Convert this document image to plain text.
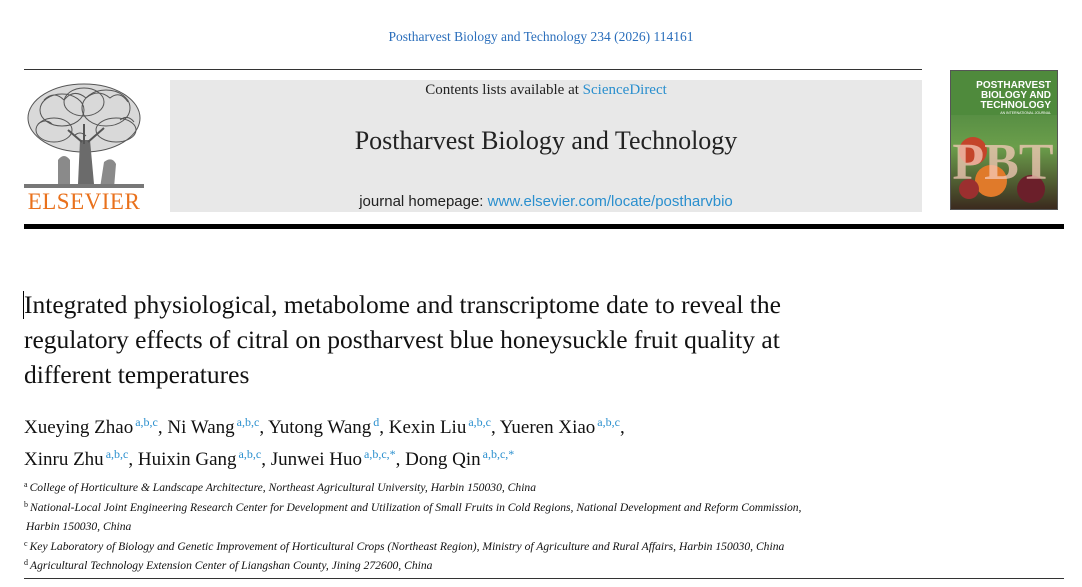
Postharvest Biology and Technology 234 (2026) 114161
ELSEVIER
Contents lists available at ScienceDirect
Postharvest Biology and Technology
journal homepage: www.elsevier.com/locate/postharvbio
POSTHARVEST
BIOLOGY AND
TECHNOLOGY
AN INTERNATIONAL JOURNAL
PBT
Integrated physiological, metabolome and transcriptome date to reveal the
regulatory effects of citral on postharvest blue honeysuckle fruit quality at
different temperatures
Xueying Zhao $^{a,b,c}$, Ni Wang $^{a,b,c}$, Yutong Wang $^d$, Kexin Liu $^{a,b,c}$, Yueren Xiao $^{a,b,c}$,
Xinru Zhu $^{a,b,c}$, Huixin Gang $^{a,b,c}$, Junwei Huo $^{a,b,c,*}$, Dong Qin $^{a,b,c,*}$
$^a$ College of Horticulture & Landscape Architecture, Northeast Agricultural University, Harbin 150030, China
$^b$ National-Local Joint Engineering Research Center for Development and Utilization of Small Fruits in Cold Regions, National Development and Reform Commission,
Harbin 150030, China
$^c$ Key Laboratory of Biology and Genetic Improvement of Horticultural Crops (Northeast Region), Ministry of Agriculture and Rural Affairs, Harbin 150030, China
$^d$ Agricultural Technology Extension Center of Liangshan County, Jining 272600, China
